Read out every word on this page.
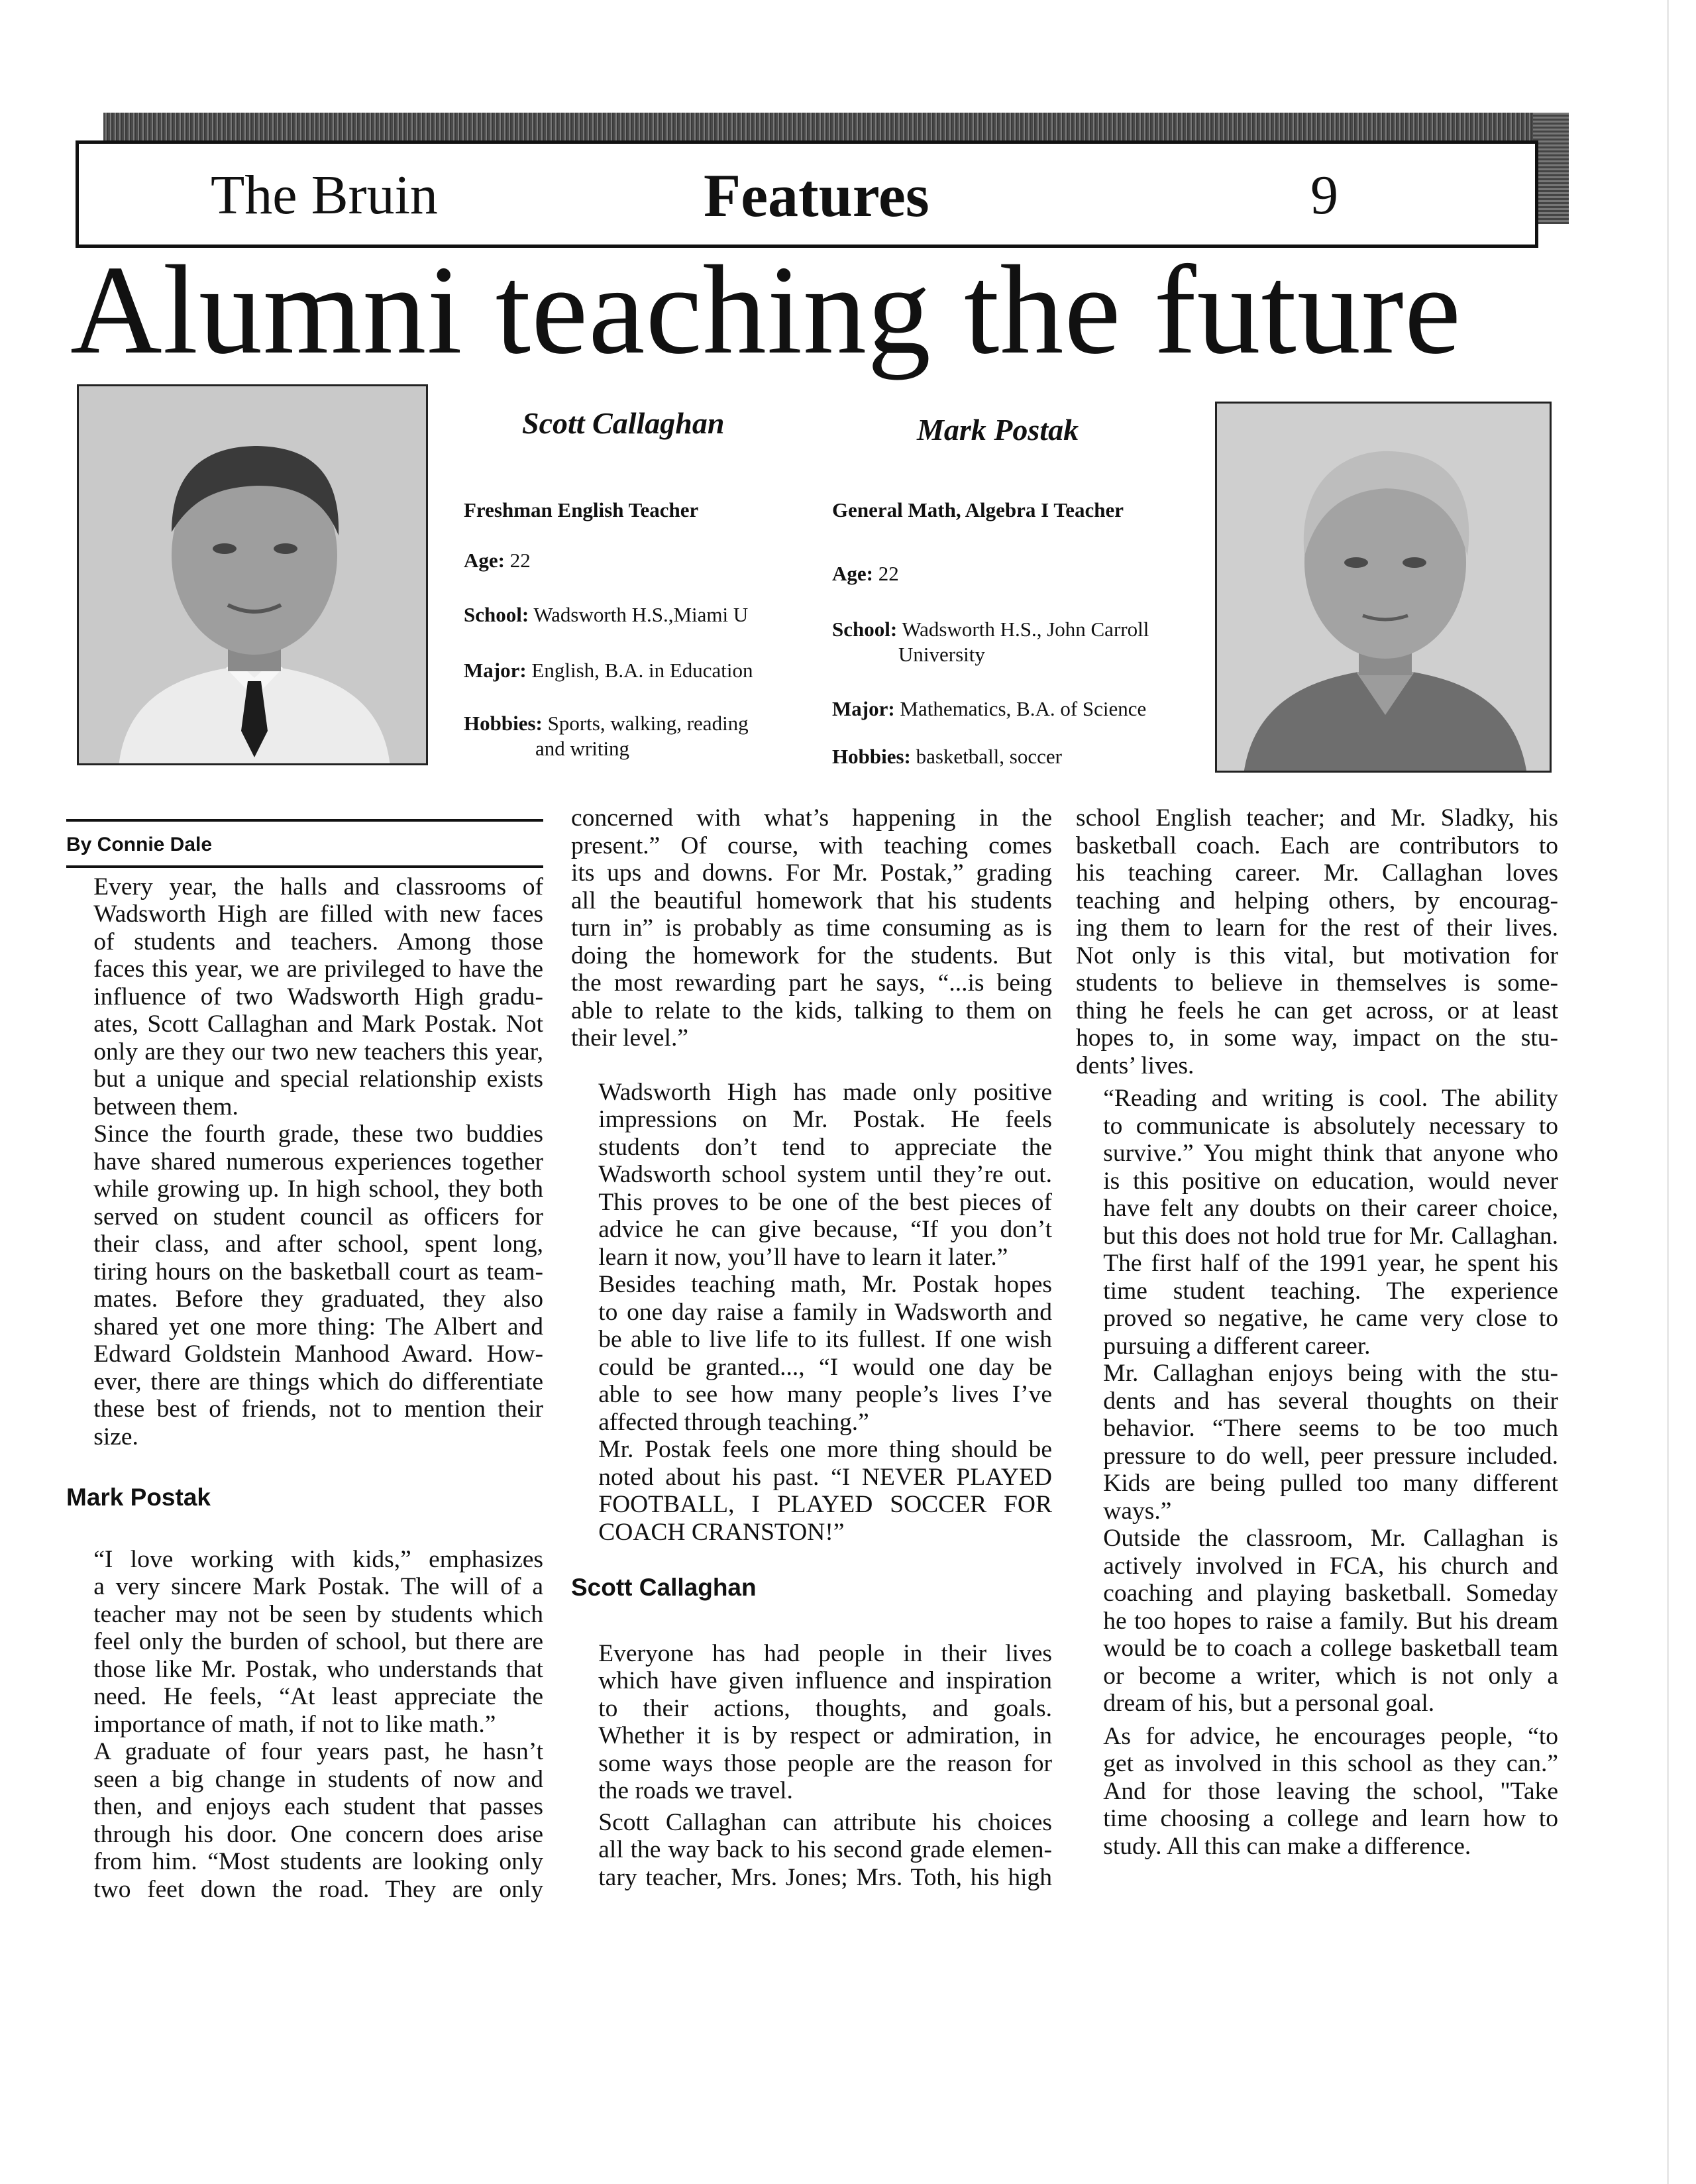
The Bruin	Features	9
Alumni teaching the future
Scott Callaghan
Freshman English Teacher
Age: 22
School: Wadsworth H.S.,Miami U
Major: English, B.A. in Education
Hobbies: Sports, walking, reading
and writing
Mark Postak
General Math, Algebra I Teacher
Age: 22
School: Wadsworth H.S., John Carroll
University
Major: Mathematics, B.A. of Science
Hobbies: basketball, soccer
By Connie Dale

Every year, the halls and classrooms of
Wadsworth High are filled with new faces
of students and teachers. Among those
faces this year, we are privileged to have the
influence of two Wadsworth High gradu-
ates, Scott Callaghan and Mark Postak. Not
only are they our two new teachers this year,
but a unique and special relationship exists
between them.

Since the fourth grade, these two buddies
have shared numerous experiences together
while growing up. In high school, they both
served on student council as officers for
their class, and after school, spent long,
tiring hours on the basketball court as team-
mates. Before they graduated, they also
shared yet one more thing: The Albert and
Edward Goldstein Manhood Award. How-
ever, there are things which do differentiate
these best of friends, not to mention their
size.

Mark Postak

“I love working with kids,” emphasizes
a very sincere Mark Postak. The will of a
teacher may not be seen by students which
feel only the burden of school, but there are
those like Mr. Postak, who understands that
need. He feels, “At least appreciate the
importance of math, if not to like math.”

A graduate of four years past, he hasn’t
seen a big change in students of now and
then, and enjoys each student that passes
through his door. One concern does arise
from him. “Most students are looking only
two feet down the road. They are only

concerned with what’s happening in the
present.” Of course, with teaching comes
its ups and downs. For Mr. Postak,” grading
all the beautiful homework that his students
turn in” is probably as time consuming as is
doing the homework for the students. But
the most rewarding part he says, “...is being
able to relate to the kids, talking to them on
their level.”

Wadsworth High has made only positive
impressions on Mr. Postak. He feels
students don’t tend to appreciate the
Wadsworth school system until they’re out.
This proves to be one of the best pieces of
advice he can give because, “If you don’t
learn it now, you’ll have to learn it later.”

Besides teaching math, Mr. Postak hopes
to one day raise a family in Wadsworth and
be able to live life to its fullest. If one wish
could be granted..., “I would one day be
able to see how many people’s lives I’ve
affected through teaching.”

Mr. Postak feels one more thing should be
noted about his past. “I NEVER PLAYED
FOOTBALL, I PLAYED SOCCER FOR
COACH CRANSTON!”

Scott Callaghan

Everyone has had people in their lives
which have given influence and inspiration
to their actions, thoughts, and goals.
Whether it is by respect or admiration, in
some ways those people are the reason for
the roads we travel.

Scott Callaghan can attribute his choices
all the way back to his second grade elemen-
tary teacher, Mrs. Jones; Mrs. Toth, his high

school English teacher; and Mr. Sladky, his
basketball coach. Each are contributors to
his teaching career. Mr. Callaghan loves
teaching and helping others, by encourag-
ing them to learn for the rest of their lives.
Not only is this vital, but motivation for
students to believe in themselves is some-
thing he feels he can get across, or at least
hopes to, in some way, impact on the stu-
dents’ lives.

“Reading and writing is cool. The ability
to communicate is absolutely necessary to
survive.” You might think that anyone who
is this positive on education, would never
have felt any doubts on their career choice,
but this does not hold true for Mr. Callaghan.
The first half of the 1991 year, he spent his
time student teaching. The experience
proved so negative, he came very close to
pursuing a different career.

Mr. Callaghan enjoys being with the stu-
dents and has several thoughts on their
behavior. “There seems to be too much
pressure to do well, peer pressure included.
Kids are being pulled too many different
ways.”

Outside the classroom, Mr. Callaghan is
actively involved in FCA, his church and
coaching and playing basketball. Someday
he too hopes to raise a family. But his dream
would be to coach a college basketball team
or become a writer, which is not only a
dream of his, but a personal goal.

As for advice, he encourages people, “to
get as involved in this school as they can.”
And for those leaving the school, "Take
time choosing a college and learn how to
study. All this can make a difference.
